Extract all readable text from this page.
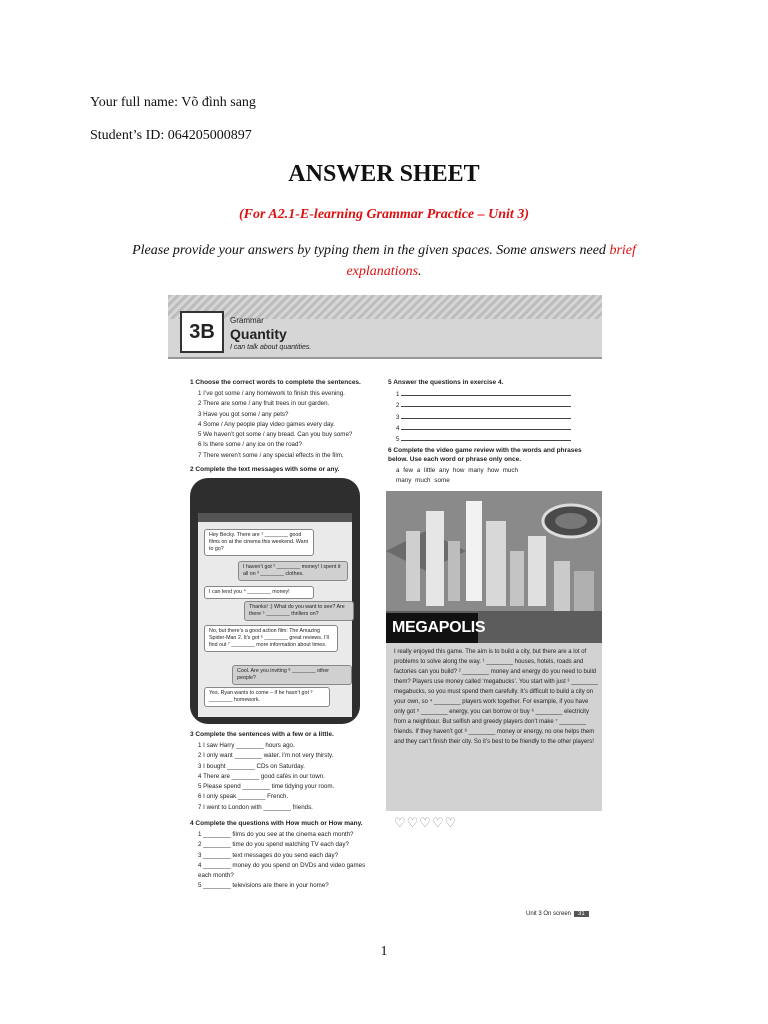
Your full name: Võ đình sang
Student’s ID: 064205000897
ANSWER SHEET
(For A2.1-E-learning Grammar Practice – Unit 3)
Please provide your answers by typing them in the given spaces. Some answers need brief explanations.
3B
Grammar
Quantity
I can talk about quantities.
1 Choose the correct words to complete the sentences.
1 I’ve got some / any homework to finish this evening.
2 There are some / any fruit trees in our garden.
3 Have you got some / any pets?
4 Some / Any people play video games every day.
5 We haven’t got some / any bread. Can you buy some?
6 Is there some / any ice on the road?
7 There weren’t some / any special effects in the film.
2 Complete the text messages with some or any.
Hey Becky. There are ¹ ________ good films on at the cinema this weekend. Want to go?
I haven’t got ² ________ money! I spent it all on ³ ________ clothes.
I can lend you ⁴ ________ money!
Thanks! :) What do you want to see? Are there ⁵ ________ thrillers on?
No, but there’s a good action film: The Amazing Spider-Man 2. It’s got ⁶ ________ great reviews. I’ll find out ⁷ ________ more information about times.
Cool. Are you inviting ⁸ ________ other people?
Yes. Ryan wants to come – if he hasn’t got ⁹ ________ homework.
3 Complete the sentences with a few or a little.
1 I saw Harry ________ hours ago.
2 I only want ________ water. I’m not very thirsty.
3 I bought ________ CDs on Saturday.
4 There are ________ good cafés in our town.
5 Please spend ________ time tidying your room.
6 I only speak ________ French.
7 I went to London with ________ friends.
4 Complete the questions with How much or How many.
1 ________ films do you see at the cinema each month?
2 ________ time do you spend watching TV each day?
3 ________ text messages do you send each day?
4 ________ money do you spend on DVDs and video games each month?
5 ________ televisions are there in your home?
5 Answer the questions in exercise 4.
1
2
3
4
5
6 Complete the video game review with the words and phrases below. Use each word or phrase only once.
a few a little any how many how much
many much some
MEGAPOLIS

I really enjoyed this game. The aim is to build a city, but there are a lot of problems to solve along the way. ¹ ________ houses, hotels, roads and factories can you build? ² ________ money and energy do you need to build them? Players use money called ‘megabucks’. You start with just ³ ________ megabucks, so you must spend them carefully. It’s difficult to build a city on your own, so ⁴ ________ players work together. For example, if you have only got ⁵ ________ energy, you can borrow or buy ⁶ ________ electricity from a neighbour. But selfish and greedy players don’t make ⁷ ________ friends. If they haven’t got ⁸ ________ money or energy, no one helps them and they can’t finish their city. So it’s best to be friendly to the other players!

♡♡♡♡♡
Unit 3 On screen 31
1
